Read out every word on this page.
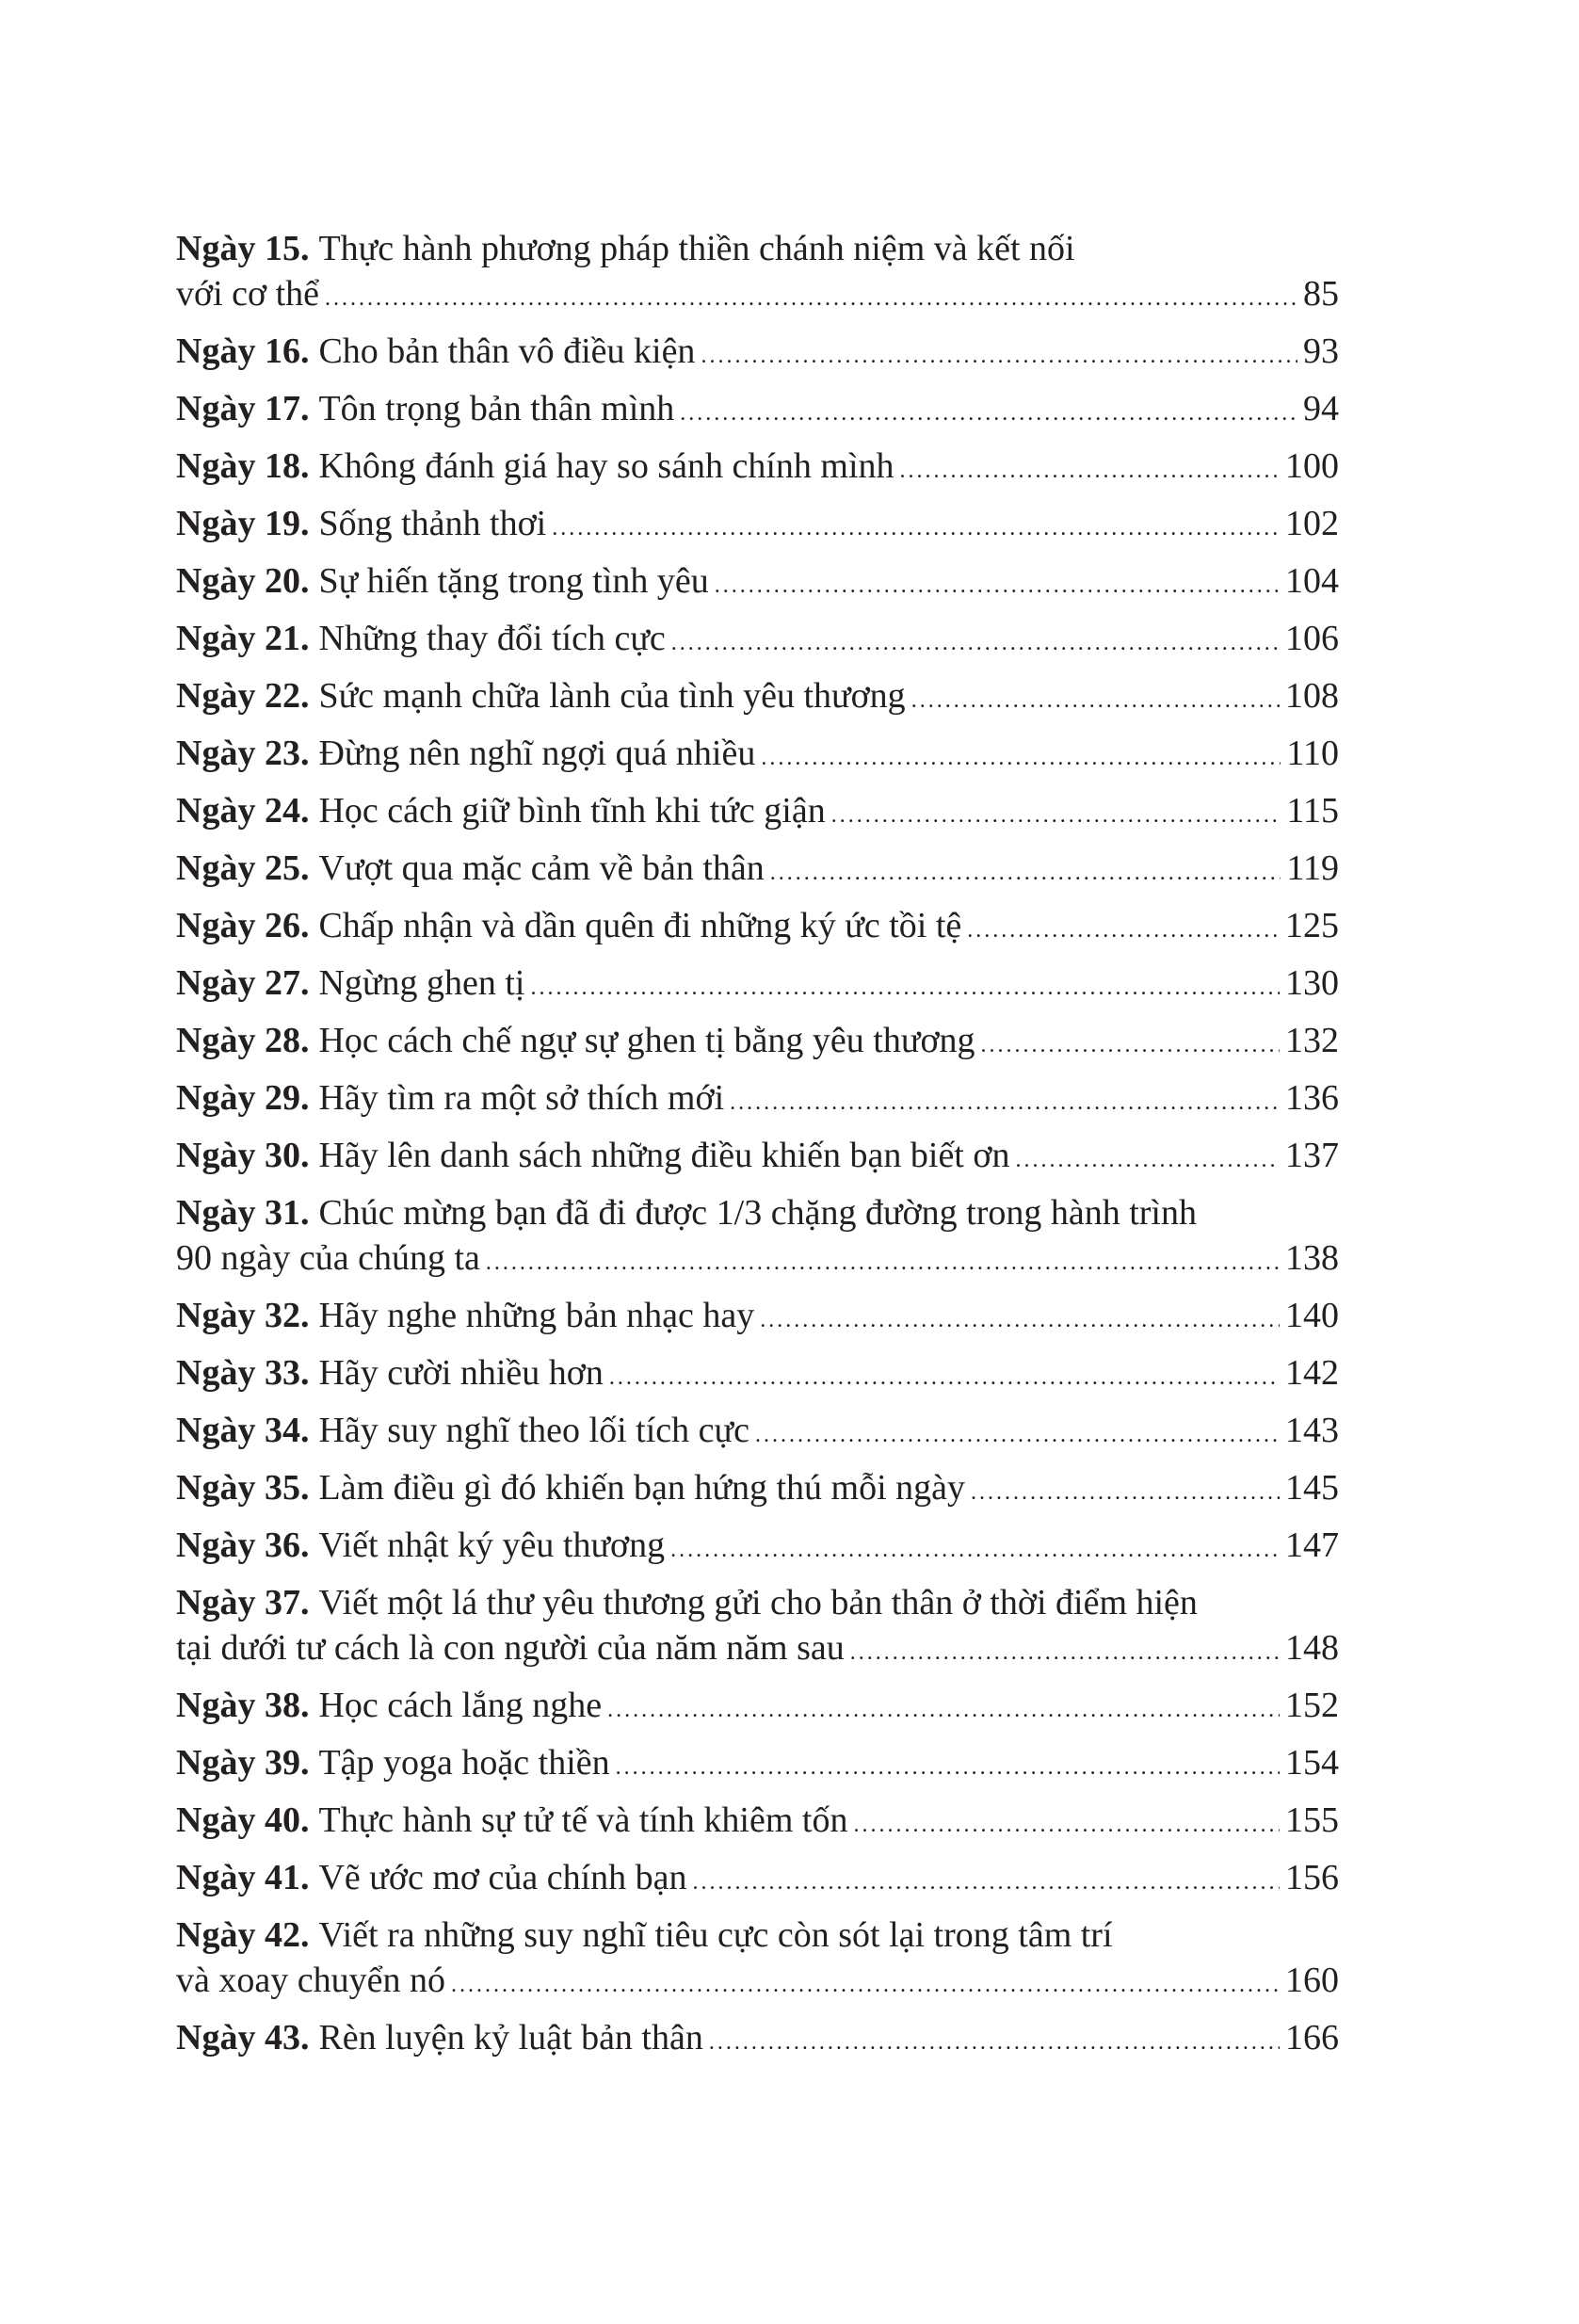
Ngày 15. Thực hành phương pháp thiền chánh niệm và kết nối
với cơ thể .....	85
Ngày 16. Cho bản thân vô điều kiện .....	93
Ngày 17. Tôn trọng bản thân mình .....	94
Ngày 18. Không đánh giá hay so sánh chính mình .....	100
Ngày 19. Sống thảnh thơi .....	102
Ngày 20. Sự hiến tặng trong tình yêu .....	104
Ngày 21. Những thay đổi tích cực .....	106
Ngày 22. Sức mạnh chữa lành của tình yêu thương .....	108
Ngày 23. Đừng nên nghĩ ngợi quá nhiều .....	110
Ngày 24. Học cách giữ bình tĩnh khi tức giận .....	115
Ngày 25. Vượt qua mặc cảm về bản thân .....	119
Ngày 26. Chấp nhận và dần quên đi những ký ức tồi tệ .....	125
Ngày 27. Ngừng ghen tị .....	130
Ngày 28. Học cách chế ngự sự ghen tị bằng yêu thương .....	132
Ngày 29. Hãy tìm ra một sở thích mới .....	136
Ngày 30. Hãy lên danh sách những điều khiến bạn biết ơn .....	137
Ngày 31. Chúc mừng bạn đã đi được 1/3 chặng đường trong hành trình
90 ngày của chúng ta .....	138
Ngày 32. Hãy nghe những bản nhạc hay .....	140
Ngày 33. Hãy cười nhiều hơn .....	142
Ngày 34. Hãy suy nghĩ theo lối tích cực .....	143
Ngày 35. Làm điều gì đó khiến bạn hứng thú mỗi ngày .....	145
Ngày 36. Viết nhật ký yêu thương .....	147
Ngày 37. Viết một lá thư yêu thương gửi cho bản thân ở thời điểm hiện
tại dưới tư cách là con người của năm năm sau .....	148
Ngày 38. Học cách lắng nghe .....	152
Ngày 39. Tập yoga hoặc thiền .....	154
Ngày 40. Thực hành sự tử tế và tính khiêm tốn .....	155
Ngày 41. Vẽ ước mơ của chính bạn .....	156
Ngày 42. Viết ra những suy nghĩ tiêu cực còn sót lại trong tâm trí
và xoay chuyển nó .....	160
Ngày 43. Rèn luyện kỷ luật bản thân .....	166
